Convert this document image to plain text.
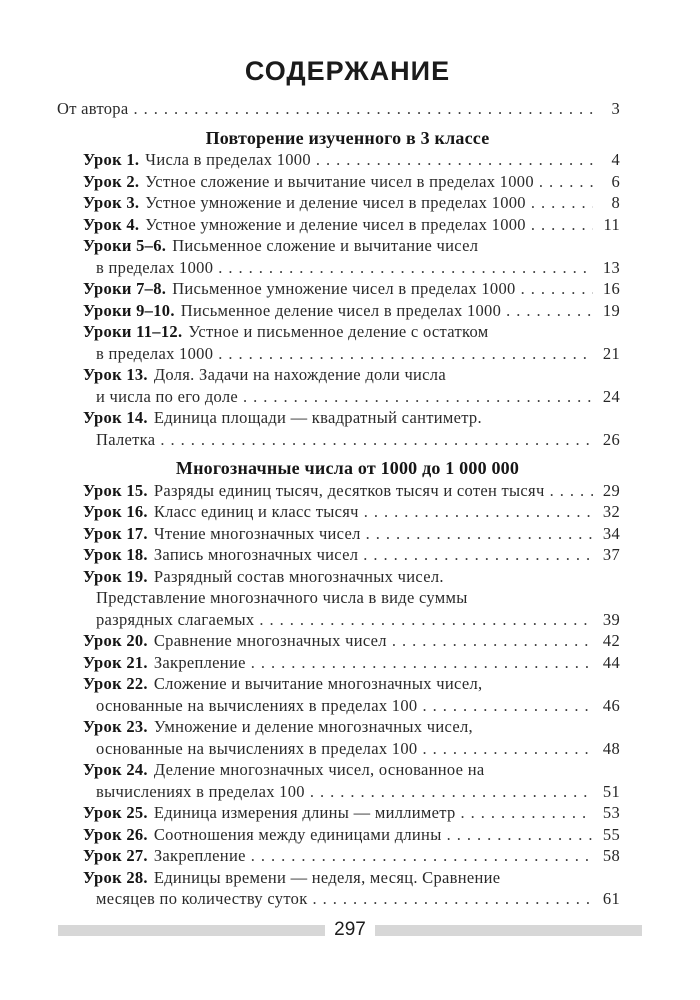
СОДЕРЖАНИЕ
От автора .....	3
Повторение изученного в 3 классе
Урок 1. Числа в пределах 1000 .....	4
Урок 2. Устное сложение и вычитание чисел в пределах 1000 .....	6
Урок 3. Устное умножение и деление чисел в пределах 1000 .....	8
Урок 4. Устное умножение и деление чисел в пределах 1000 .....	11
Уроки 5–6. Письменное сложение и вычитание чисел
в пределах 1000 .....	13
Уроки 7–8. Письменное умножение чисел в пределах 1000 .....	16
Уроки 9–10. Письменное деление чисел в пределах 1000 .....	19
Уроки 11–12. Устное и письменное деление с остатком
в пределах 1000 .....	21
Урок 13. Доля. Задачи на нахождение доли числа
и числа по его доле .....	24
Урок 14. Единица площади — квадратный сантиметр.
Палетка .....	26
Многозначные числа от 1000 до 1 000 000
Урок 15. Разряды единиц тысяч, десятков тысяч и сотен тысяч .....	29
Урок 16. Класс единиц и класс тысяч .....	32
Урок 17. Чтение многозначных чисел .....	34
Урок 18. Запись многозначных чисел .....	37
Урок 19. Разрядный состав многозначных чисел.
Представление многозначного числа в виде суммы
разрядных слагаемых .....	39
Урок 20. Сравнение многозначных чисел .....	42
Урок 21. Закрепление .....	44
Урок 22. Сложение и вычитание многозначных чисел,
основанные на вычислениях в пределах 100 .....	46
Урок 23. Умножение и деление многозначных чисел,
основанные на вычислениях в пределах 100 .....	48
Урок 24. Деление многозначных чисел, основанное на
вычислениях в пределах 100 .....	51
Урок 25. Единица измерения длины — миллиметр .....	53
Урок 26. Соотношения между единицами длины .....	55
Урок 27. Закрепление .....	58
Урок 28. Единицы времени — неделя, месяц. Сравнение
месяцев по количеству суток .....	61
297
